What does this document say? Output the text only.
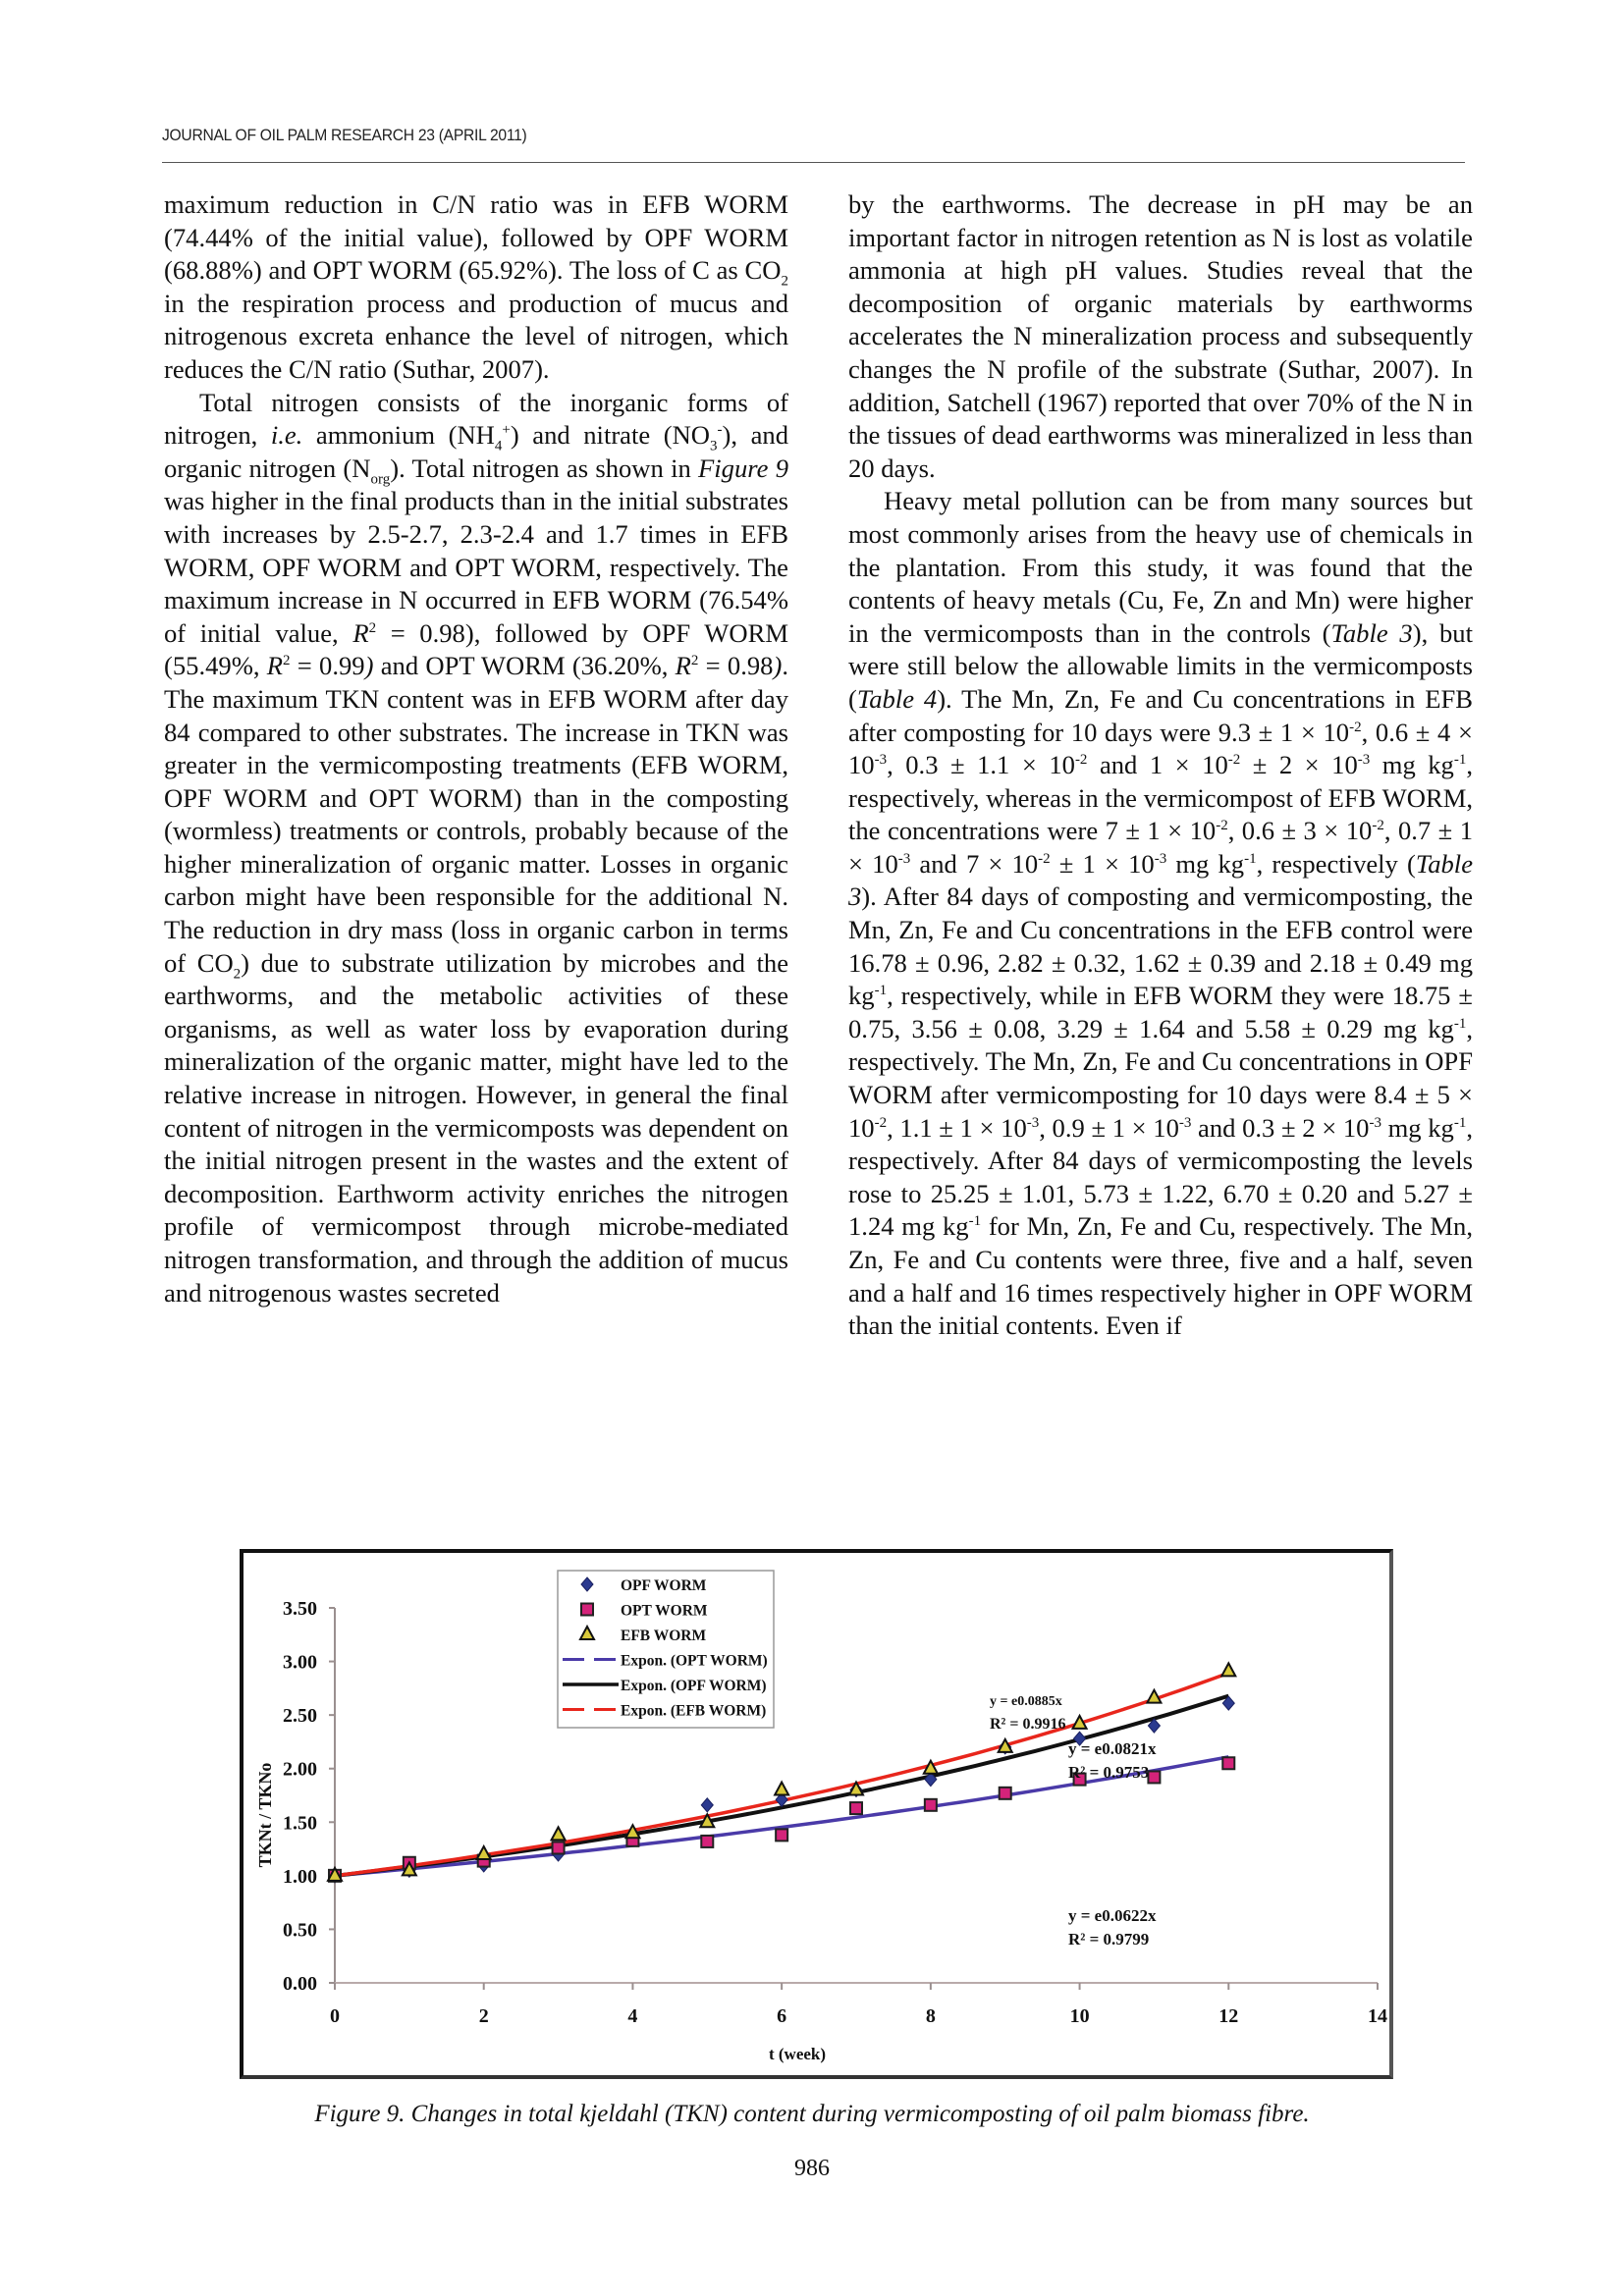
JOURNAL OF OIL PALM RESEARCH 23 (APRIL 2011)

maximum reduction in C/N ratio was in EFB WORM (74.44% of the initial value), followed by OPF WORM (68.88%) and OPT WORM (65.92%). The loss of C as $CO_2$ in the respiration process and production of mucus and nitrogenous excreta enhance the level of nitrogen, which reduces the C/N ratio (Suthar, 2007).

Total nitrogen consists of the inorganic forms of nitrogen, i.e. ammonium $(NH_4^+)$ and nitrate $(NO_3^-)$, and organic nitrogen $(N_{org})$. Total nitrogen as shown in Figure 9 was higher in the final products than in the initial substrates with increases by 2.5-2.7, 2.3-2.4 and 1.7 times in EFB WORM, OPF WORM and OPT WORM, respectively. The maximum increase in N occurred in EFB WORM (76.54% of initial value, $R^2 = 0.98$), followed by OPF WORM (55.49%, $R^2 = 0.99$) and OPT WORM (36.20%, $R^2 = 0.98$). The maximum TKN content was in EFB WORM after day 84 compared to other substrates. The increase in TKN was greater in the vermicomposting treatments (EFB WORM, OPF WORM and OPT WORM) than in the composting (wormless) treatments or controls, probably because of the higher mineralization of organic matter. Losses in organic carbon might have been responsible for the additional N. The reduction in dry mass (loss in organic carbon in terms of $CO_2$) due to substrate utilization by microbes and the earthworms, and the metabolic activities of these organisms, as well as water loss by evaporation during mineralization of the organic matter, might have led to the relative increase in nitrogen. However, in general the final content of nitrogen in the vermicomposts was dependent on the initial nitrogen present in the wastes and the extent of decomposition. Earthworm activity enriches the nitrogen profile of vermicompost through microbe-mediated nitrogen transformation, and through the addition of mucus and nitrogenous wastes secreted

by the earthworms. The decrease in pH may be an important factor in nitrogen retention as N is lost as volatile ammonia at high pH values. Studies reveal that the decomposition of organic materials by earthworms accelerates the N mineralization process and subsequently changes the N profile of the substrate (Suthar, 2007). In addition, Satchell (1967) reported that over 70% of the N in the tissues of dead earthworms was mineralized in less than 20 days.

Heavy metal pollution can be from many sources but most commonly arises from the heavy use of chemicals in the plantation. From this study, it was found that the contents of heavy metals (Cu, Fe, Zn and Mn) were higher in the vermicomposts than in the controls (Table 3), but were still below the allowable limits in the vermicomposts (Table 4). The Mn, Zn, Fe and Cu concentrations in EFB after composting for 10 days were $9.3 \pm 1 \times 10^{-2}$, $0.6 \pm 4 \times 10^{-3}$, $0.3 \pm 1.1 \times 10^{-2}$ and $1 \times 10^{-2} \pm 2 \times 10^{-3}$ mg $kg^{-1}$, respectively, whereas in the vermicompost of EFB WORM, the concentrations were $7 \pm 1 \times 10^{-2}$, $0.6 \pm 3 \times 10^{-2}$, $0.7 \pm 1 \times 10^{-3}$ and $7 \times 10^{-2} \pm 1 \times 10^{-3}$ mg $kg^{-1}$, respectively (Table 3). After 84 days of composting and vermicomposting, the Mn, Zn, Fe and Cu concentrations in the EFB control were 16.78 ± 0.96, 2.82 ± 0.32, 1.62 ± 0.39 and 2.18 ± 0.49 mg $kg^{-1}$, respectively, while in EFB WORM they were 18.75 ± 0.75, 3.56 ± 0.08, 3.29 ± 1.64 and 5.58 ± 0.29 mg $kg^{-1}$, respectively. The Mn, Zn, Fe and Cu concentrations in OPF WORM after vermicomposting for 10 days were $8.4 \pm 5 \times 10^{-2}$, $1.1 \pm 1 \times 10^{-3}$, $0.9 \pm 1 \times 10^{-3}$ and $0.3 \pm 2 \times 10^{-3}$ mg $kg^{-1}$, respectively. After 84 days of vermicomposting the levels rose to 25.25 ± 1.01, 5.73 ± 1.22, 6.70 ± 0.20 and 5.27 ± 1.24 mg $kg^{-1}$ for Mn, Zn, Fe and Cu, respectively. The Mn, Zn, Fe and Cu contents were three, five and a half, seven and a half and 16 times respectively higher in OPF WORM than the initial contents. Even if

0.00
0.50
1.00
1.50
2.00
2.50
3.00
3.50
0	2	4	6	8	10	12	14
t (week)
TKNt / TKNo
y = e0.0622x
R² = 0.9799
y = e0.0821x
R² = 0.9753
y = e0.0885x
R² = 0.9916
OPF WORM
OPT WORM
EFB WORM
Expon. (OPT WORM)
Expon. (OPF WORM)
Expon. (EFB WORM)
Figure 9. Changes in total kjeldahl (TKN) content during vermicomposting of oil palm biomass fibre.
986
